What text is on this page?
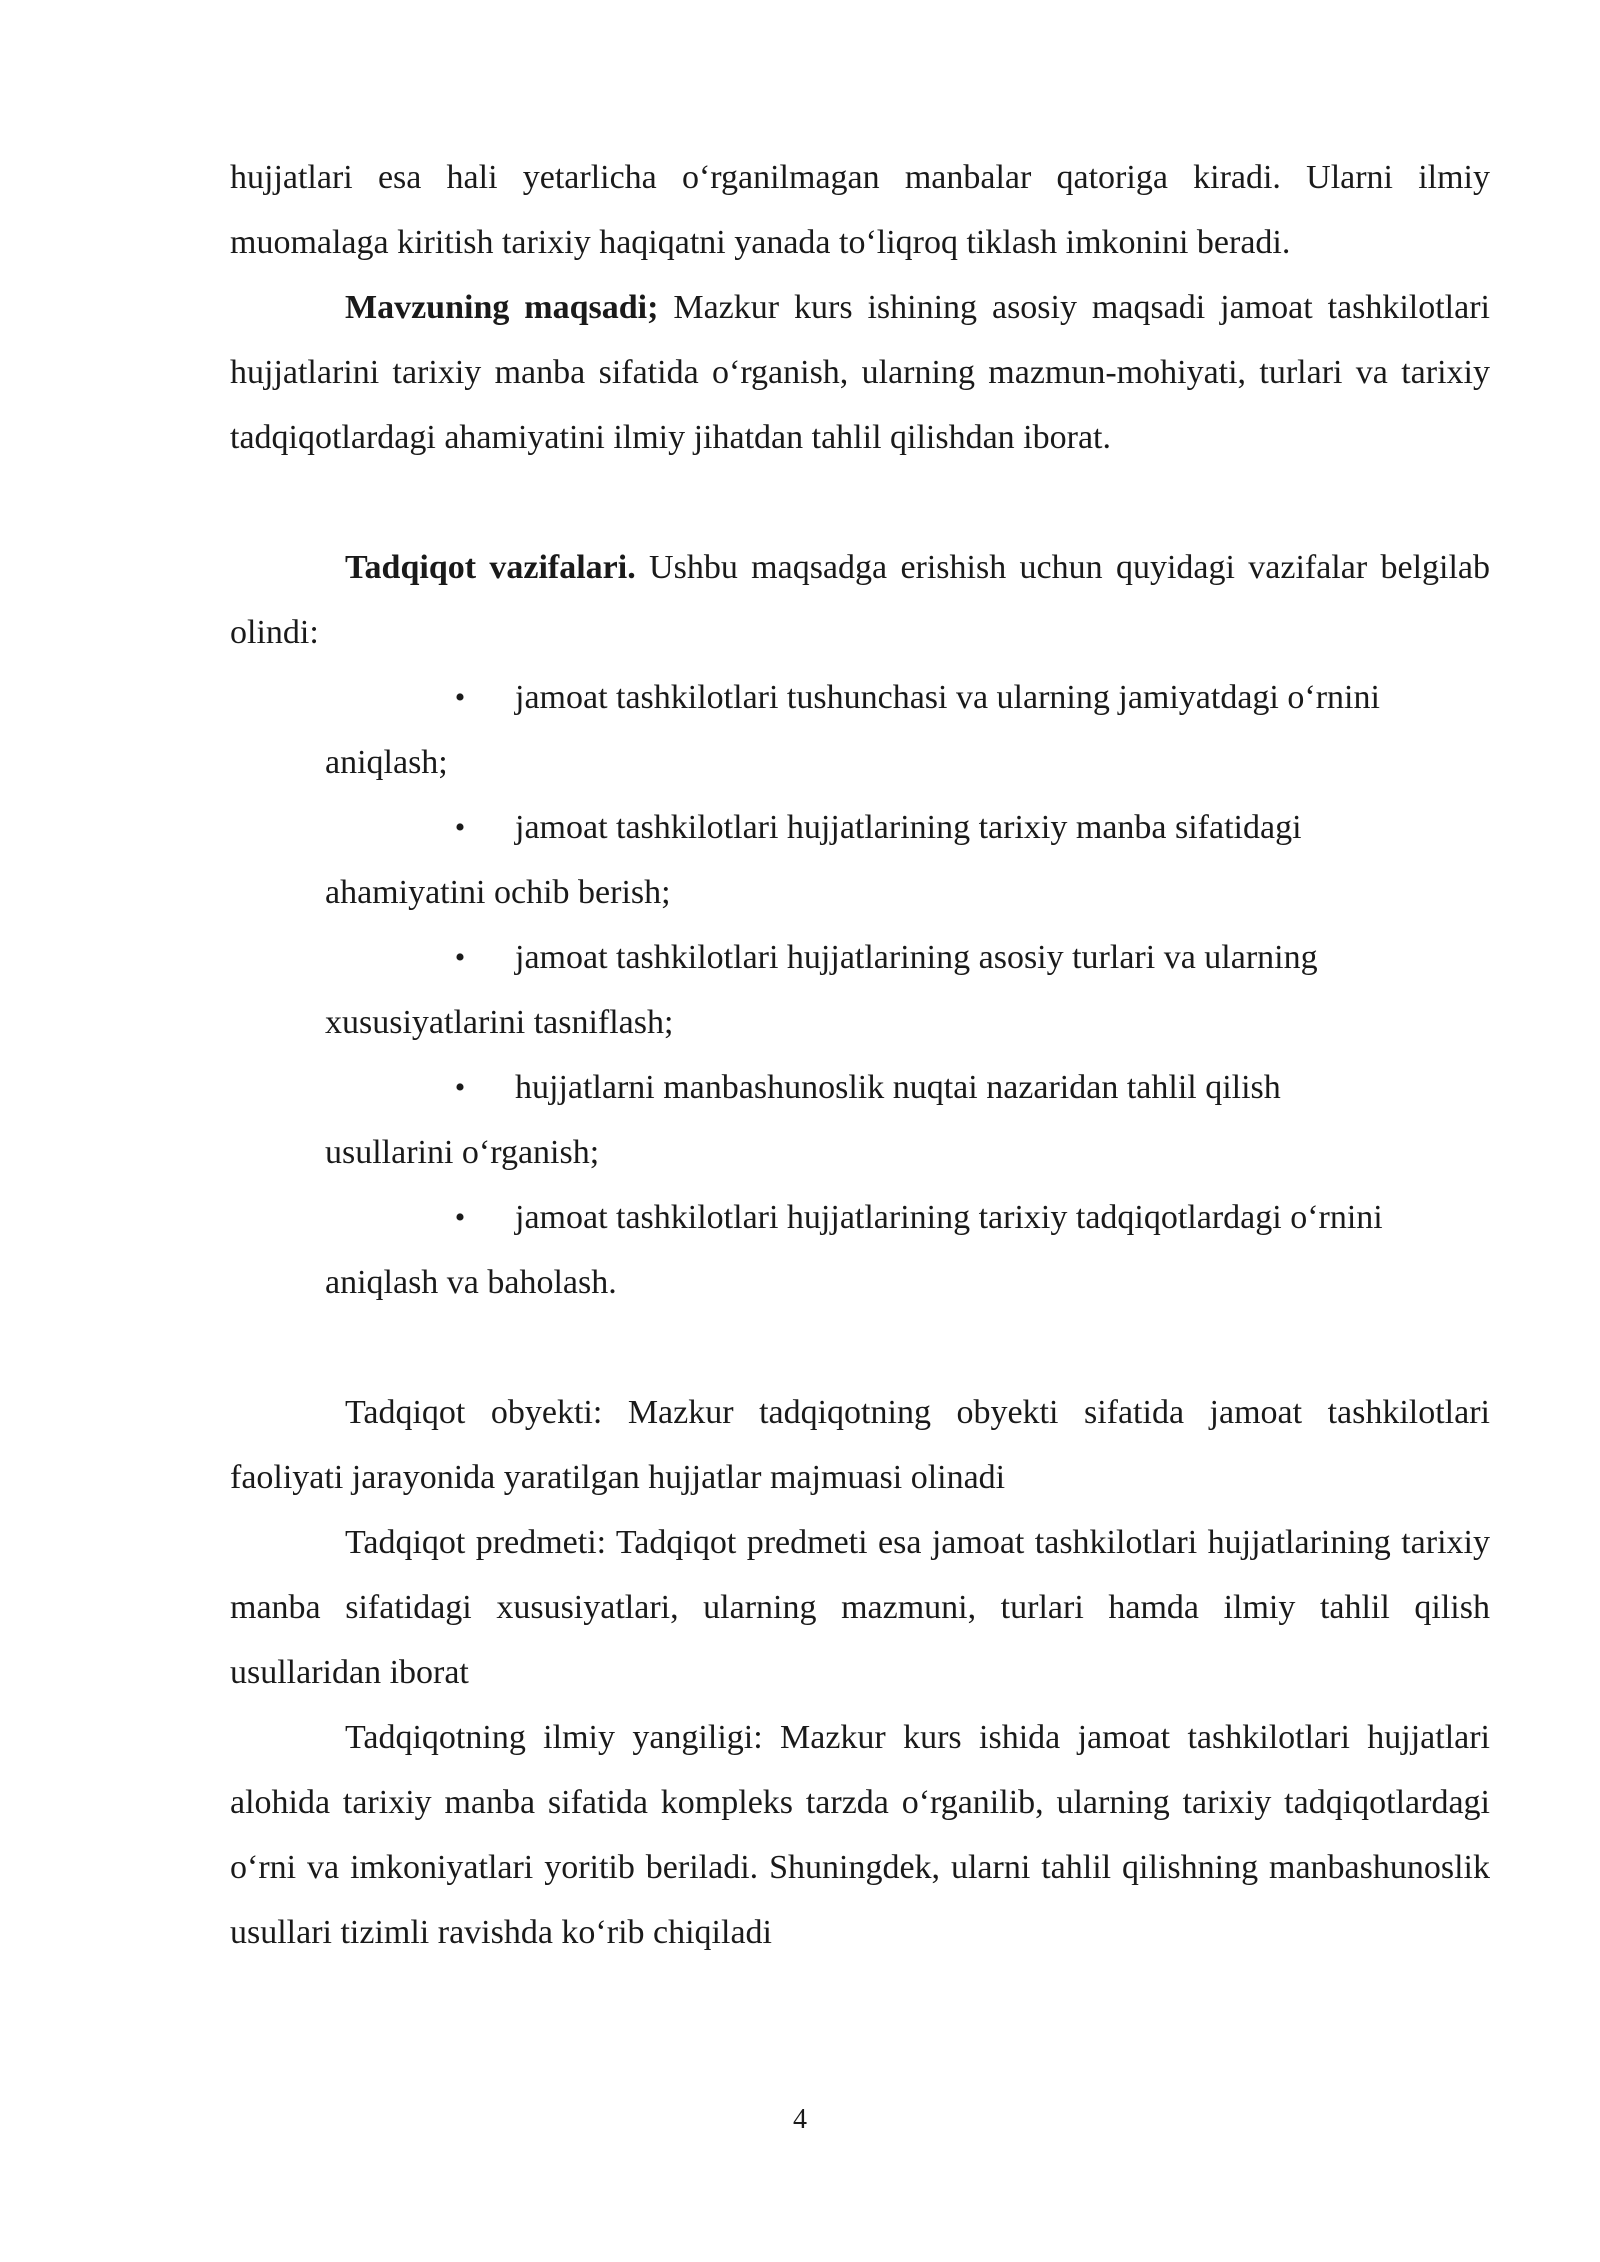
hujjatlari esa hali yetarlicha o‘rganilmagan manbalar qatoriga kiradi. Ularni ilmiy muomalaga kiritish tarixiy haqiqatni yanada to‘liqroq tiklash imkonini beradi.

Mavzuning maqsadi; Mazkur kurs ishining asosiy maqsadi jamoat tashkilotlari hujjatlarini tarixiy manba sifatida o‘rganish, ularning mazmun-mohiyati, turlari va tarixiy tadqiqotlardagi ahamiyatini ilmiy jihatdan tahlil qilishdan iborat.

Tadqiqot vazifalari. Ushbu maqsadga erishish uchun quyidagi vazifalar belgilab olindi:

•	jamoat tashkilotlari tushunchasi va ularning jamiyatdagi o‘rnini
aniqlash;
•	jamoat tashkilotlari hujjatlarining tarixiy manba sifatidagi
ahamiyatini ochib berish;
•	jamoat tashkilotlari hujjatlarining asosiy turlari va ularning
xususiyatlarini tasniflash;
•	hujjatlarni manbashunoslik nuqtai nazaridan tahlil qilish
usullarini o‘rganish;
•	jamoat tashkilotlari hujjatlarining tarixiy tadqiqotlardagi o‘rnini
aniqlash va baholash.

Tadqiqot obyekti: Mazkur tadqiqotning obyekti sifatida jamoat tashkilotlari faoliyati jarayonida yaratilgan hujjatlar majmuasi olinadi

Tadqiqot predmeti: Tadqiqot predmeti esa jamoat tashkilotlari hujjatlarining tarixiy manba sifatidagi xususiyatlari, ularning mazmuni, turlari hamda ilmiy tahlil qilish usullaridan iborat

Tadqiqotning ilmiy yangiligi: Mazkur kurs ishida jamoat tashkilotlari hujjatlari alohida tarixiy manba sifatida kompleks tarzda o‘rganilib, ularning tarixiy tadqiqotlardagi o‘rni va imkoniyatlari yoritib beriladi. Shuningdek, ularni tahlil qilishning manbashunoslik usullari tizimli ravishda ko‘rib chiqiladi

4
